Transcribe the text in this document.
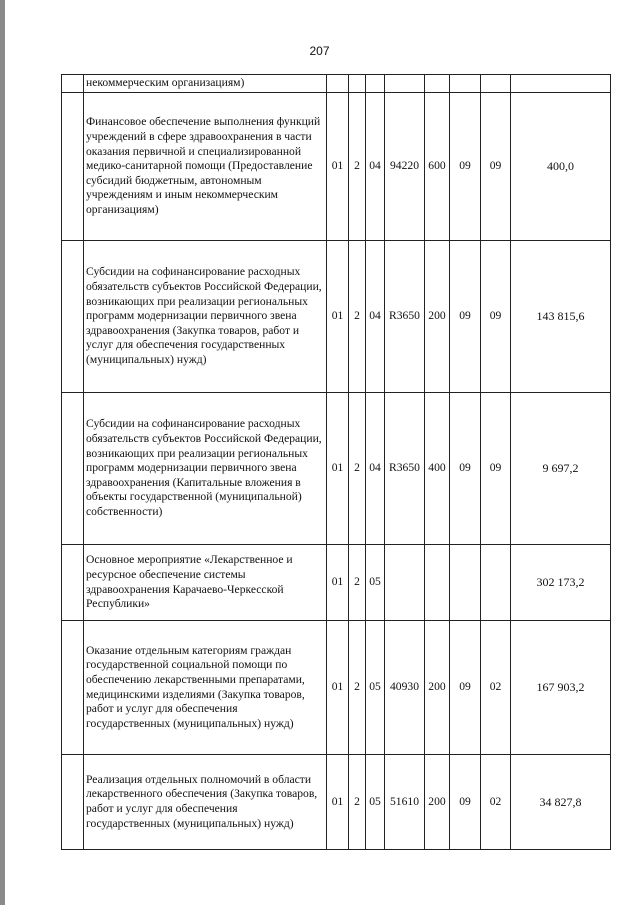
207
	некоммерческим организациям)								
	Финансовое обеспечение выполнения функций учреждений в сфере здравоохранения в части оказания первичной и специализированной медико-санитарной помощи (Предоставление субсидий бюджетным, автономным учреждениям и иным некоммерческим организациям)	01	2	04	94220	600	09	09	400,0
	Субсидии на софинансирование расходных обязательств субъектов Российской Федерации, возникающих при реализации региональных программ модернизации первичного звена здравоохранения (Закупка товаров, работ и услуг для обеспечения государственных (муниципальных) нужд)	01	2	04	R3650	200	09	09	143 815,6
	Субсидии на софинансирование расходных обязательств субъектов Российской Федерации, возникающих при реализации региональных программ модернизации первичного звена здравоохранения (Капитальные вложения в объекты государственной (муниципальной) собственности)	01	2	04	R3650	400	09	09	9 697,2
	Основное мероприятие «Лекарственное и ресурсное обеспечение системы здравоохранения Карачаево-Черкесской Республики»	01	2	05					302 173,2
	Оказание отдельным категориям граждан государственной социальной помощи по обеспечению лекарственными препаратами, медицинскими изделиями (Закупка товаров, работ и услуг для обеспечения государственных (муниципальных) нужд)	01	2	05	40930	200	09	02	167 903,2
	Реализация отдельных полномочий в области лекарственного обеспечения (Закупка товаров, работ и услуг для обеспечения государственных (муниципальных) нужд)	01	2	05	51610	200	09	02	34 827,8
